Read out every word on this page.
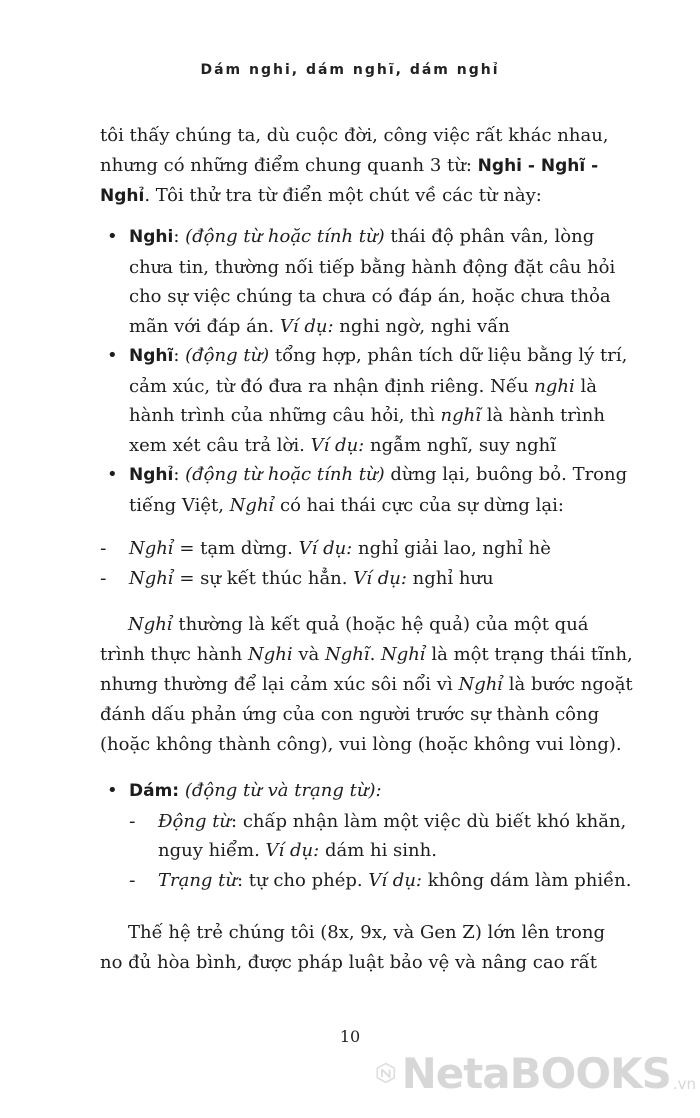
Dám nghi, dám nghĩ, dám nghỉ

tôi thấy chúng ta, dù cuộc đời, công việc rất khác nhau,
nhưng có những điểm chung quanh 3 từ: Nghi - Nghĩ -
Nghỉ. Tôi thử tra từ điển một chút về các từ này:

• Nghi: (động từ hoặc tính từ) thái độ phân vân, lòng
chưa tin, thường nối tiếp bằng hành động đặt câu hỏi
cho sự việc chúng ta chưa có đáp án, hoặc chưa thỏa
mãn với đáp án. Ví dụ: nghi ngờ, nghi vấn
• Nghĩ: (động từ) tổng hợp, phân tích dữ liệu bằng lý trí,
cảm xúc, từ đó đưa ra nhận định riêng. Nếu nghi là
hành trình của những câu hỏi, thì nghĩ là hành trình
xem xét câu trả lời. Ví dụ: ngẫm nghĩ, suy nghĩ
• Nghỉ: (động từ hoặc tính từ) dừng lại, buông bỏ. Trong
tiếng Việt, Nghỉ có hai thái cực của sự dừng lại:
- Nghỉ = tạm dừng. Ví dụ: nghỉ giải lao, nghỉ hè
- Nghỉ = sự kết thúc hẳn. Ví dụ: nghỉ hưu

Nghỉ thường là kết quả (hoặc hệ quả) của một quá

trình thực hành Nghi và Nghĩ. Nghỉ là một trạng thái tĩnh,
nhưng thường để lại cảm xúc sôi nổi vì Nghỉ là bước ngoặt
đánh dấu phản ứng của con người trước sự thành công
(hoặc không thành công), vui lòng (hoặc không vui lòng).

• Dám: (động từ và trạng từ):
- Động từ: chấp nhận làm một việc dù biết khó khăn,
nguy hiểm. Ví dụ: dám hi sinh.
- Trạng từ: tự cho phép. Ví dụ: không dám làm phiền.

Thế hệ trẻ chúng tôi (8x, 9x, và Gen Z) lớn lên trong

no đủ hòa bình, được pháp luật bảo vệ và nâng cao rất

10
NetaBOOKS .vn
